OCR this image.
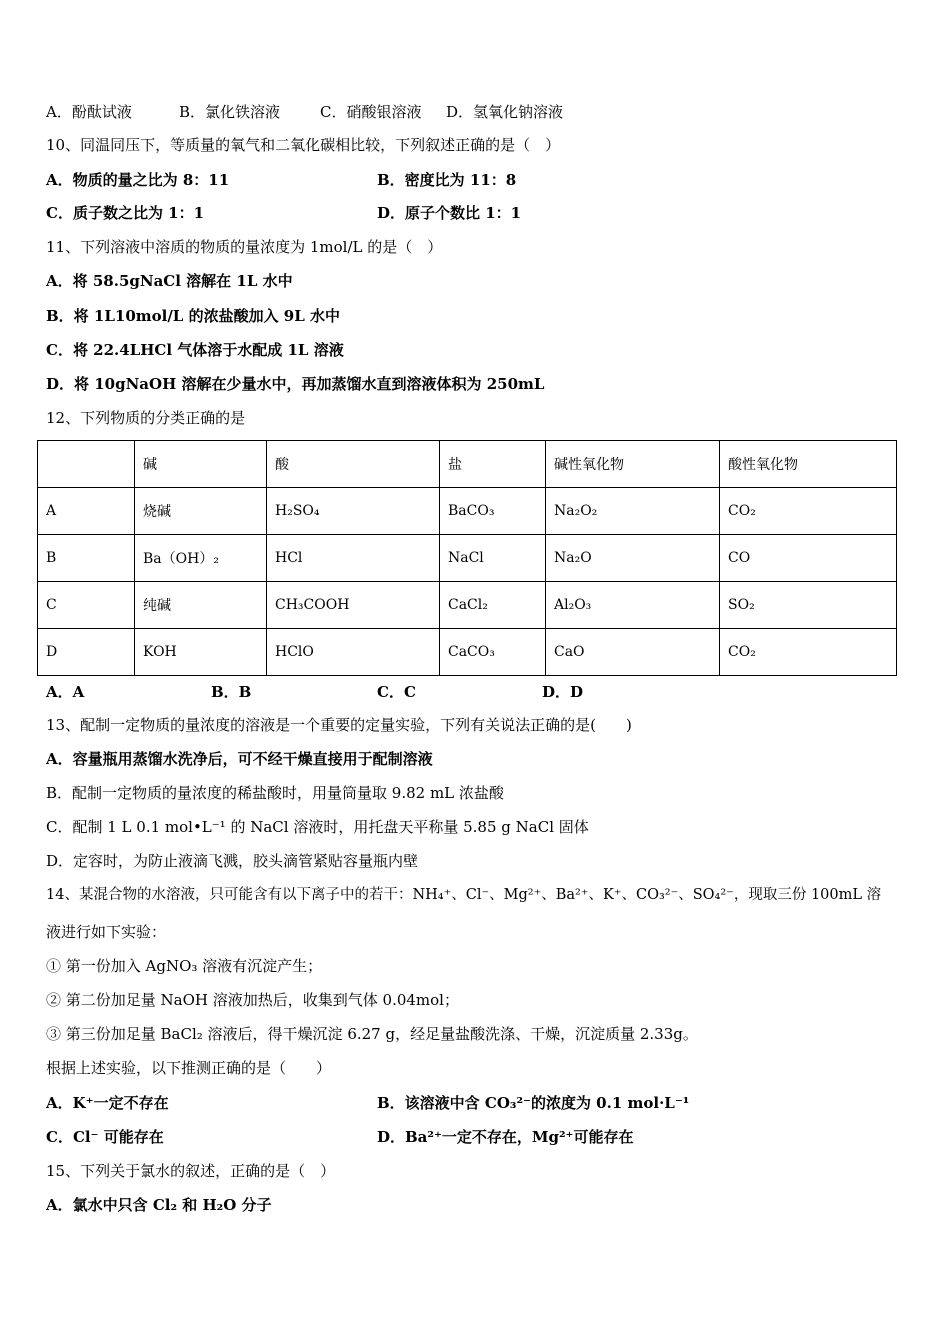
A．酚酞试液	B．氯化铁溶液	C．硝酸银溶液 D．氢氧化钠溶液
10、同温同压下，等质量的氧气和二氧化碳相比较，下列叙述正确的是（　）
A．物质的量之比为 8：11	B．密度比为 11：8
C．质子数之比为 1：1	D．原子个数比 1：1
11、下列溶液中溶质的物质的量浓度为 1mol/L 的是（　）
A．将 58.5gNaCl 溶解在 1L 水中
B．将 1L10mol/L 的浓盐酸加入 9L 水中
C．将 22.4LHCl 气体溶于水配成 1L 溶液
D．将 10gNaOH 溶解在少量水中，再加蒸馏水直到溶液体积为 250mL
12、下列物质的分类正确的是
	碱	酸	盐	碱性氧化物	酸性氧化物
A	烧碱	H₂SO₄	BaCO₃	Na₂O₂	CO₂
B	Ba（OH）₂	HCl	NaCl	Na₂O	CO
C	纯碱	CH₃COOH	CaCl₂	Al₂O₃	SO₂
D	KOH	HClO	CaCO₃	CaO	CO₂
A．A	B．B	C．C	D．D
13、配制一定物质的量浓度的溶液是一个重要的定量实验，下列有关说法正确的是(　　)
A．容量瓶用蒸馏水洗净后，可不经干燥直接用于配制溶液
B．配制一定物质的量浓度的稀盐酸时，用量筒量取 9.82 mL 浓盐酸
C．配制 1 L 0.1 mol•L⁻¹ 的 NaCl 溶液时，用托盘天平称量 5.85 g NaCl 固体
D．定容时，为防止液滴飞溅，胶头滴管紧贴容量瓶内壁
14、某混合物的水溶液，只可能含有以下离子中的若干：NH₄⁺、Cl⁻、Mg²⁺、Ba²⁺、K⁺、CO₃²⁻、SO₄²⁻，现取三份 100mL 溶
液进行如下实验：
① 第一份加入 AgNO₃ 溶液有沉淀产生；
② 第二份加足量 NaOH 溶液加热后，收集到气体 0.04mol；
③ 第三份加足量 BaCl₂ 溶液后，得干燥沉淀 6.27 g，经足量盐酸洗涤、干燥，沉淀质量 2.33g。
根据上述实验，以下推测正确的是（　　）
A．K⁺一定不存在	B．该溶液中含 CO₃²⁻的浓度为 0.1 mol·L⁻¹
C．Cl⁻ 可能存在	D．Ba²⁺一定不存在，Mg²⁺可能存在
15、下列关于氯水的叙述，正确的是（　）
A．氯水中只含 Cl₂ 和 H₂O 分子
